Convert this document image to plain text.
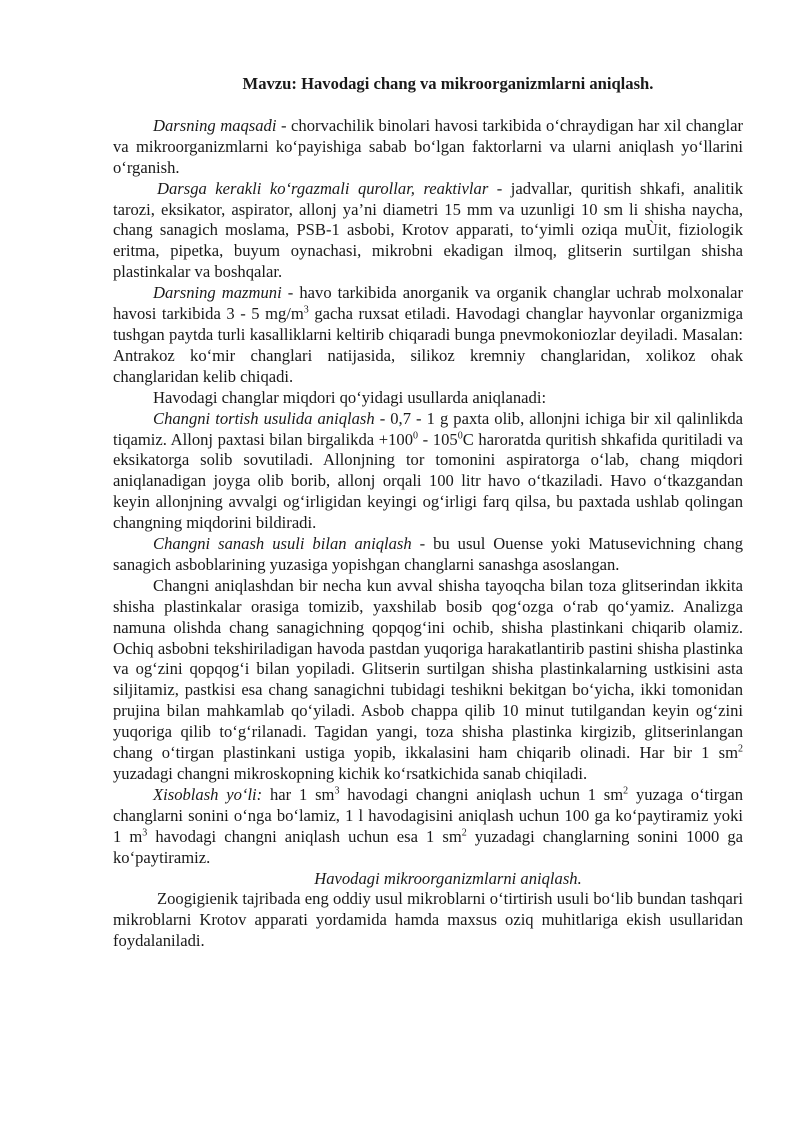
Mavzu: Havodagi chang va mikroorganizmlarni aniqlash.

Darsning maqsadi - chorvachilik binolari havosi tarkibida o‘chraydigan har xil changlar va mikroorganizmlarni ko‘payishiga sabab bo‘lgan faktorlarni va ularni aniqlash yo‘llarini o‘rganish.

Darsga kerakli ko‘rgazmali qurollar, reaktivlar - jadvallar, quritish shkafi, analitik tarozi, eksikator, aspirator, allonj ya’ni diametri 15 mm va uzunligi 10 sm li shisha naycha, chang sanagich moslama, PSB-1 asbobi, Krotov apparati, to‘yimli oziqa muÙit, fiziologik eritma, pipetka, buyum oynachasi, mikrobni ekadigan ilmoq, glitserin surtilgan shisha plastinkalar va boshqalar.

Darsning mazmuni - havo tarkibida anorganik va organik changlar uchrab molxonalar havosi tarkibida 3 - 5 $mg/m^3$ gacha ruxsat etiladi. Havodagi changlar hayvonlar organizmiga tushgan paytda turli kasalliklarni keltirib chiqaradi bunga pnevmokoniozlar deyiladi. Masalan: Antrakoz ko‘mir changlari natijasida, silikoz kremniy changlaridan, xolikoz ohak changlaridan kelib chiqadi.

Havodagi changlar miqdori qo‘yidagi usullarda aniqlanadi:

Changni tortish usulida aniqlash - 0,7 - 1 g paxta olib, allonjni ichiga bir xil qalinlikda tiqamiz. Allonj paxtasi bilan birgalikda $+100^0 - 105^0C$ haroratda quritish shkafida quritiladi va eksikatorga solib sovutiladi. Allonjning tor tomonini aspiratorga o‘lab, chang miqdori aniqlanadigan joyga olib borib, allonj orqali 100 litr havo o‘tkaziladi. Havo o‘tkazgandan keyin allonjning avvalgi og‘irligidan keyingi og‘irligi farq qilsa, bu paxtada ushlab qolingan changning miqdorini bildiradi.

Changni sanash usuli bilan aniqlash - bu usul Ouense yoki Matusevichning chang sanagich asboblarining yuzasiga yopishgan changlarni sanashga asoslangan.

Changni aniqlashdan bir necha kun avval shisha tayoqcha bilan toza glitserindan ikkita shisha plastinkalar orasiga tomizib, yaxshilab bosib qog‘ozga o‘rab qo‘yamiz. Analizga namuna olishda chang sanagichning qopqog‘ini ochib, shisha plastinkani chiqarib olamiz. Ochiq asbobni tekshiriladigan havoda pastdan yuqoriga harakatlantirib pastini shisha plastinka va og‘zini qopqog‘i bilan yopiladi. Glitserin surtilgan shisha plastinkalarning ustkisini asta siljitamiz, pastkisi esa chang sanagichni tubidagi teshikni bekitgan bo‘yicha, ikki tomonidan prujina bilan mahkamlab qo‘yiladi. Asbob chappa qilib 10 minut tutilgandan keyin og‘zini yuqoriga qilib to‘g‘rilanadi. Tagidan yangi, toza shisha plastinka kirgizib, glitserinlangan chang o‘tirgan plastinkani ustiga yopib, ikkalasini ham chiqarib olinadi. Har bir 1 $sm^2$ yuzadagi changni mikroskopning kichik ko‘rsatkichida sanab chiqiladi.

Xisoblash yo‘li: har 1 $sm^3$ havodagi changni aniqlash uchun 1 $sm^2$ yuzaga o‘tirgan changlarni sonini o‘nga bo‘lamiz, 1 l havodagisini aniqlash uchun 100 ga ko‘paytiramiz yoki 1 $m^3$ havodagi changni aniqlash uchun esa 1 $sm^2$ yuzadagi changlarning sonini 1000 ga ko‘paytiramiz.

Havodagi mikroorganizmlarni aniqlash.

Zoogigienik tajribada eng oddiy usul mikroblarni o‘tirtirish usuli bo‘lib bundan tashqari mikroblarni Krotov apparati yordamida hamda maxsus oziq muhitlariga ekish usullaridan foydalaniladi.
